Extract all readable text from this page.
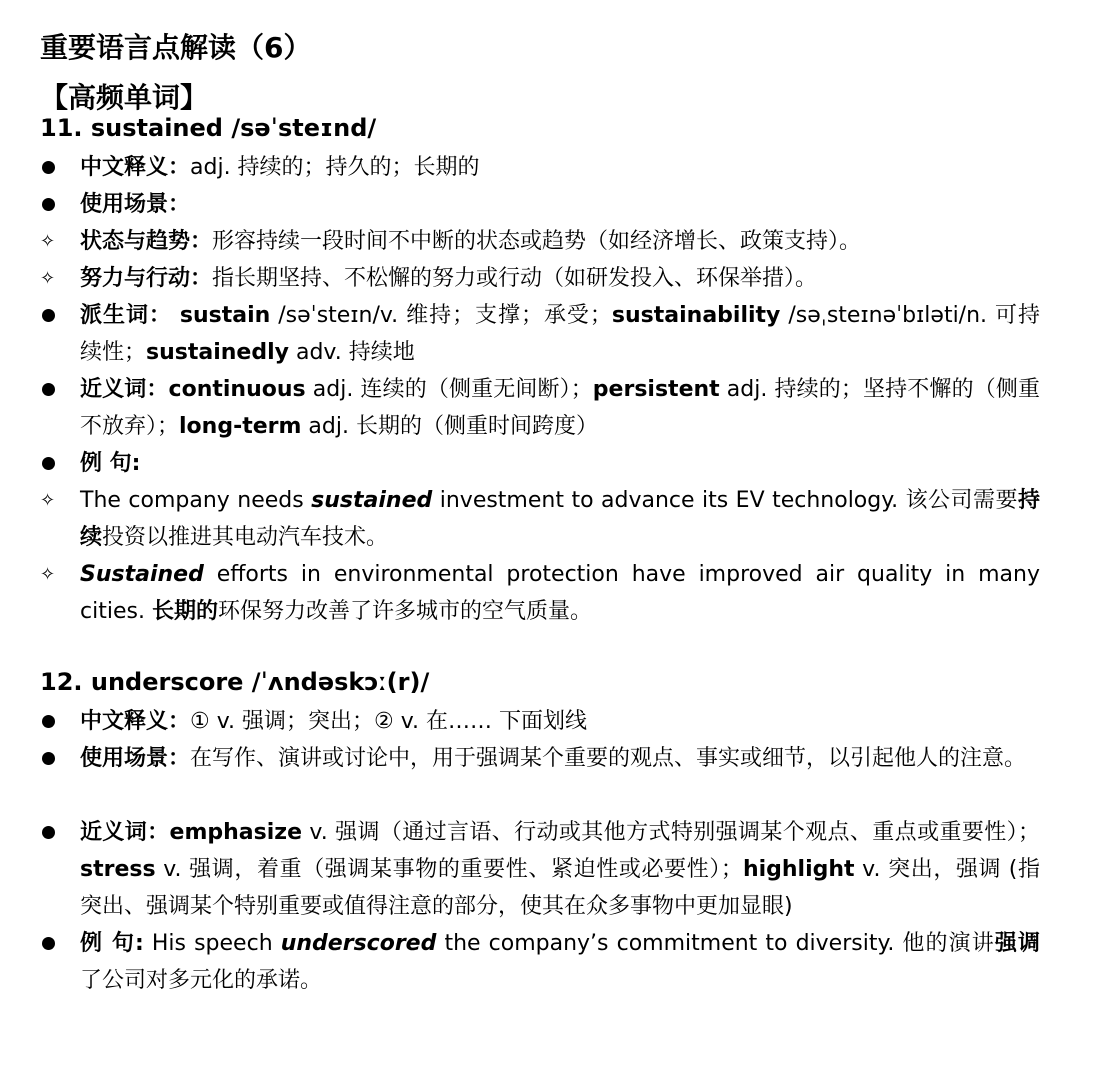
重要语言点解读（6）
【高频单词】
11. sustained /səˈsteɪnd/
中文释义：adj. 持续的；持久的；长期的
使用场景：
✧	状态与趋势：形容持续一段时间不中断的状态或趋势（如经济增长、政策支持）。
✧	努力与行动：指长期坚持、不松懈的努力或行动（如研发投入、环保举措）。
派生词： sustain /səˈsteɪn/v. 维持；支撑；承受；sustainability /səˌsteɪnəˈbɪləti/n. 可持续性；sustainedly adv. 持续地
近义词：continuous adj. 连续的（侧重无间断）；persistent adj. 持续的；坚持不懈的（侧重不放弃）；long-term adj. 长期的（侧重时间跨度）
例 句:
✧	The company needs sustained investment to advance its EV technology. 该公司需要持续投资以推进其电动汽车技术。
✧	Sustained efforts in environmental protection have improved air quality in many cities. 长期的环保努力改善了许多城市的空气质量。
12. underscore /ˈʌndəskɔː(r)/
中文释义：① v. 强调；突出；② v. 在…… 下面划线
使用场景：在写作、演讲或讨论中，用于强调某个重要的观点、事实或细节，以引起他人的注意。
近义词：emphasize v. 强调（通过言语、行动或其他方式特别强调某个观点、重点或重要性）；stress v. 强调，着重（强调某事物的重要性、紧迫性或必要性）；highlight v. 突出，强调 (指突出、强调某个特别重要或值得注意的部分，使其在众多事物中更加显眼)
例 句: His speech underscored the company’s commitment to diversity. 他的演讲强调了公司对多元化的承诺。
